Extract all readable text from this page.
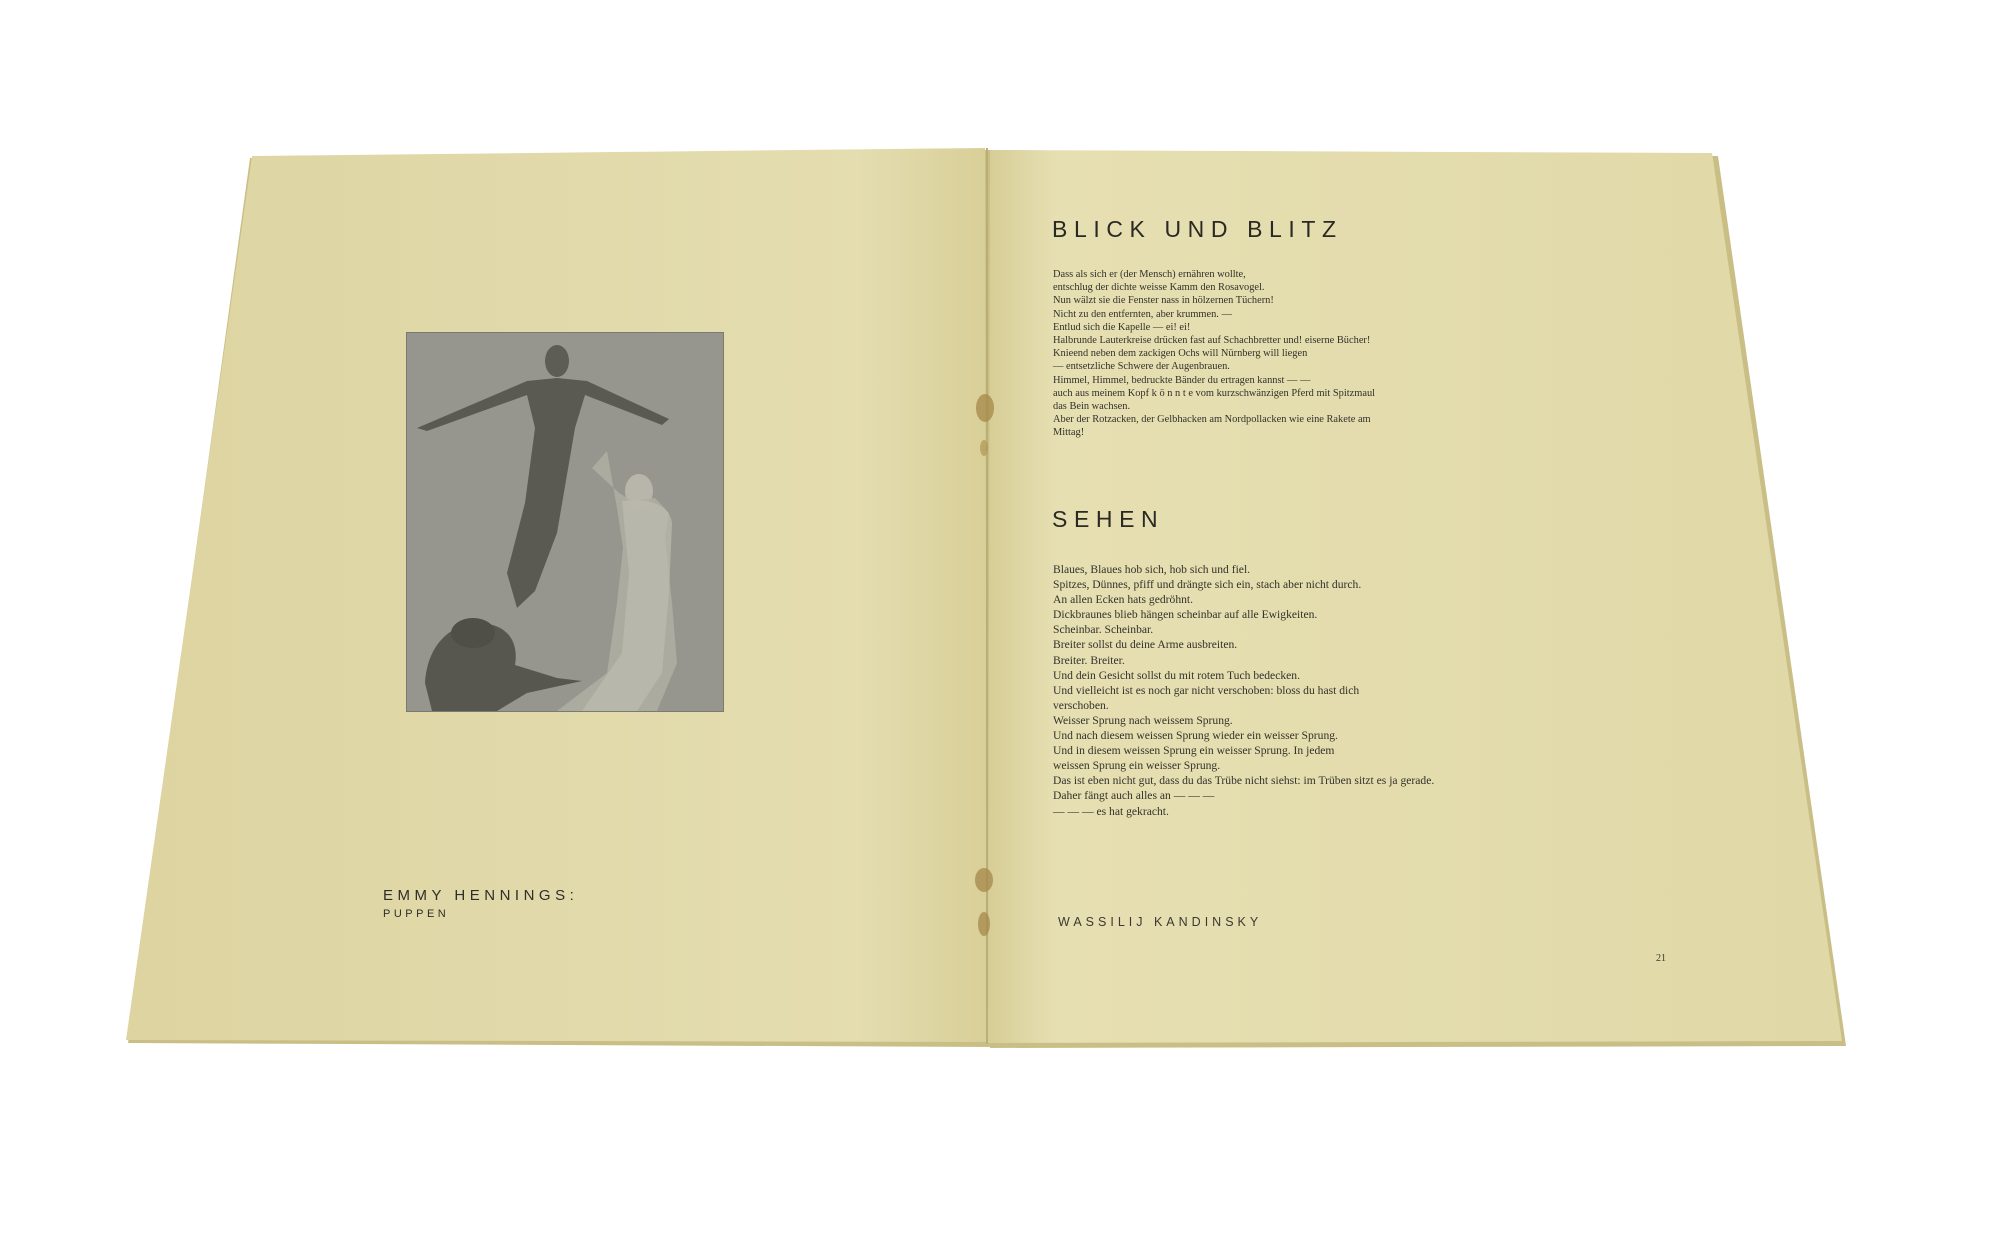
EMMY HENNINGS:
PUPPEN
BLICK UND BLITZ
Dass als sich er (der Mensch) ernähren wollte,
entschlug der dichte weisse Kamm den Rosavogel.
Nun wälzt sie die Fenster nass in hölzernen Tüchern!
Nicht zu den entfernten, aber krummen. —
Entlud sich die Kapelle — ei! ei!
Halbrunde Lauterkreise drücken fast auf Schachbretter und! eiserne Bücher!
Knieend neben dem zackigen Ochs will Nürnberg will liegen
— entsetzliche Schwere der Augenbrauen.
Himmel, Himmel, bedruckte Bänder du ertragen kannst — —
auch aus meinem Kopf k ö n n t e vom kurzschwänzigen Pferd mit Spitzmaul
das Bein wachsen.
Aber der Rotzacken, der Gelbhacken am Nordpollacken wie eine Rakete am
Mittag!
SEHEN
Blaues, Blaues hob sich, hob sich und fiel.
Spitzes, Dünnes, pfiff und drängte sich ein, stach aber nicht durch.
An allen Ecken hats gedröhnt.
Dickbraunes blieb hängen scheinbar auf alle Ewigkeiten.
Scheinbar. Scheinbar.
Breiter sollst du deine Arme ausbreiten.
Breiter. Breiter.
Und dein Gesicht sollst du mit rotem Tuch bedecken.
Und vielleicht ist es noch gar nicht verschoben: bloss du hast dich
verschoben.
Weisser Sprung nach weissem Sprung.
Und nach diesem weissen Sprung wieder ein weisser Sprung.
Und in diesem weissen Sprung ein weisser Sprung. In jedem
weissen Sprung ein weisser Sprung.
Das ist eben nicht gut, dass du das Trübe nicht siehst: im Trüben sitzt es ja gerade.
Daher fängt auch alles an — — —
— — — es hat gekracht.
WASSILIJ KANDINSKY
21
